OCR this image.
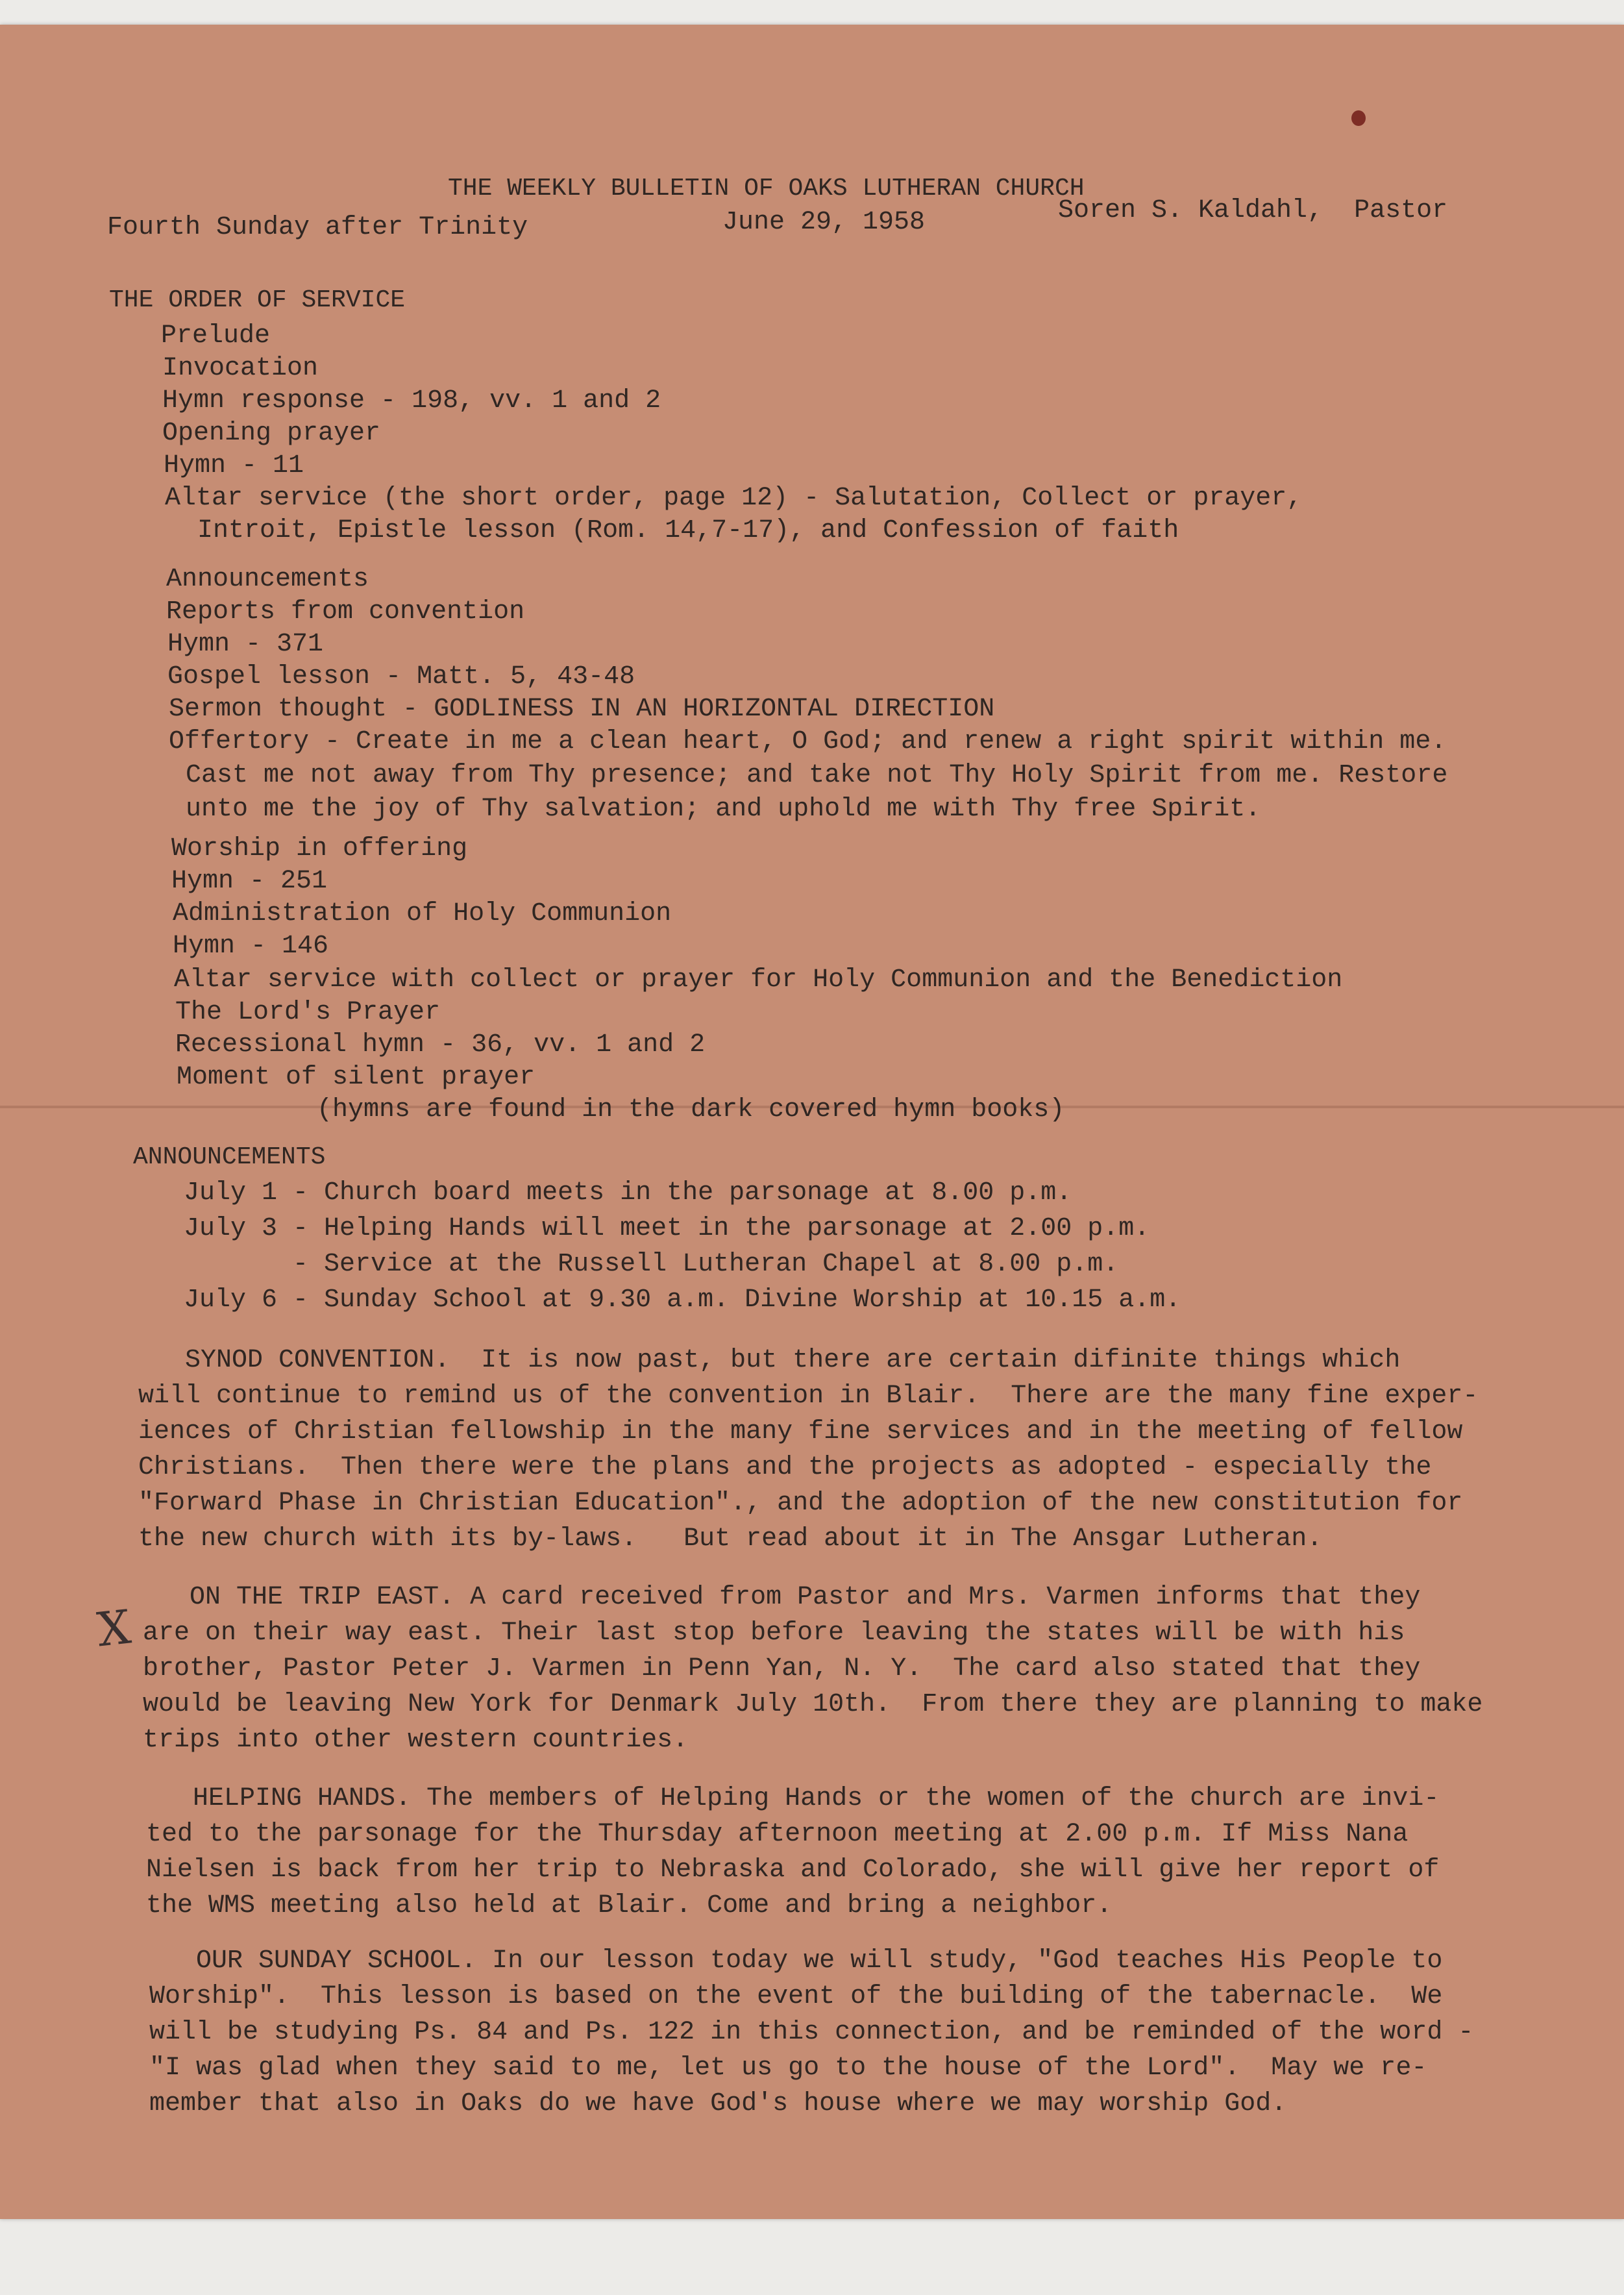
THE WEEKLY BULLETIN OF OAKS LUTHERAN CHURCH
Fourth Sunday after Trinity	June 29, 1958	Soren S. Kaldahl,  Pastor
THE ORDER OF SERVICE
Prelude
Invocation
Hymn response - 198, vv. 1 and 2
Opening prayer
Hymn - 11
Altar service (the short order, page 12) - Salutation, Collect or prayer,
Introit, Epistle lesson (Rom. 14,7-17), and Confession of faith
Announcements
Reports from convention
Hymn - 371
Gospel lesson - Matt. 5, 43-48
Sermon thought - GODLINESS IN AN HORIZONTAL DIRECTION
Offertory - Create in me a clean heart, O God; and renew a right spirit within me.
Cast me not away from Thy presence; and take not Thy Holy Spirit from me. Restore
unto me the joy of Thy salvation; and uphold me with Thy free Spirit.
Worship in offering
Hymn - 251
Administration of Holy Communion
Hymn - 146
Altar service with collect or prayer for Holy Communion and the Benediction
The Lord's Prayer
Recessional hymn - 36, vv. 1 and 2
Moment of silent prayer
(hymns are found in the dark covered hymn books)
ANNOUNCEMENTS
July 1 - Church board meets in the parsonage at 8.00 p.m.
July 3 - Helping Hands will meet in the parsonage at 2.00 p.m.
- Service at the Russell Lutheran Chapel at 8.00 p.m.
July 6 - Sunday School at 9.30 a.m. Divine Worship at 10.15 a.m.
SYNOD CONVENTION.  It is now past, but there are certain difinite things which
will continue to remind us of the convention in Blair.  There are the many fine exper-
iences of Christian fellowship in the many fine services and in the meeting of fellow
Christians.  Then there were the plans and the projects as adopted - especially the
"Forward Phase in Christian Education"., and the adoption of the new constitution for
the new church with its by-laws.   But read about it in The Ansgar Lutheran.
X
ON THE TRIP EAST. A card received from Pastor and Mrs. Varmen informs that they
are on their way east. Their last stop before leaving the states will be with his
brother, Pastor Peter J. Varmen in Penn Yan, N. Y.  The card also stated that they
would be leaving New York for Denmark July 10th.  From there they are planning to make
trips into other western countries.
HELPING HANDS. The members of Helping Hands or the women of the church are invi-
ted to the parsonage for the Thursday afternoon meeting at 2.00 p.m. If Miss Nana
Nielsen is back from her trip to Nebraska and Colorado, she will give her report of
the WMS meeting also held at Blair. Come and bring a neighbor.
OUR SUNDAY SCHOOL. In our lesson today we will study, "God teaches His People to
Worship".  This lesson is based on the event of the building of the tabernacle.  We
will be studying Ps. 84 and Ps. 122 in this connection, and be reminded of the word -
"I was glad when they said to me, let us go to the house of the Lord".  May we re-
member that also in Oaks do we have God's house where we may worship God.
